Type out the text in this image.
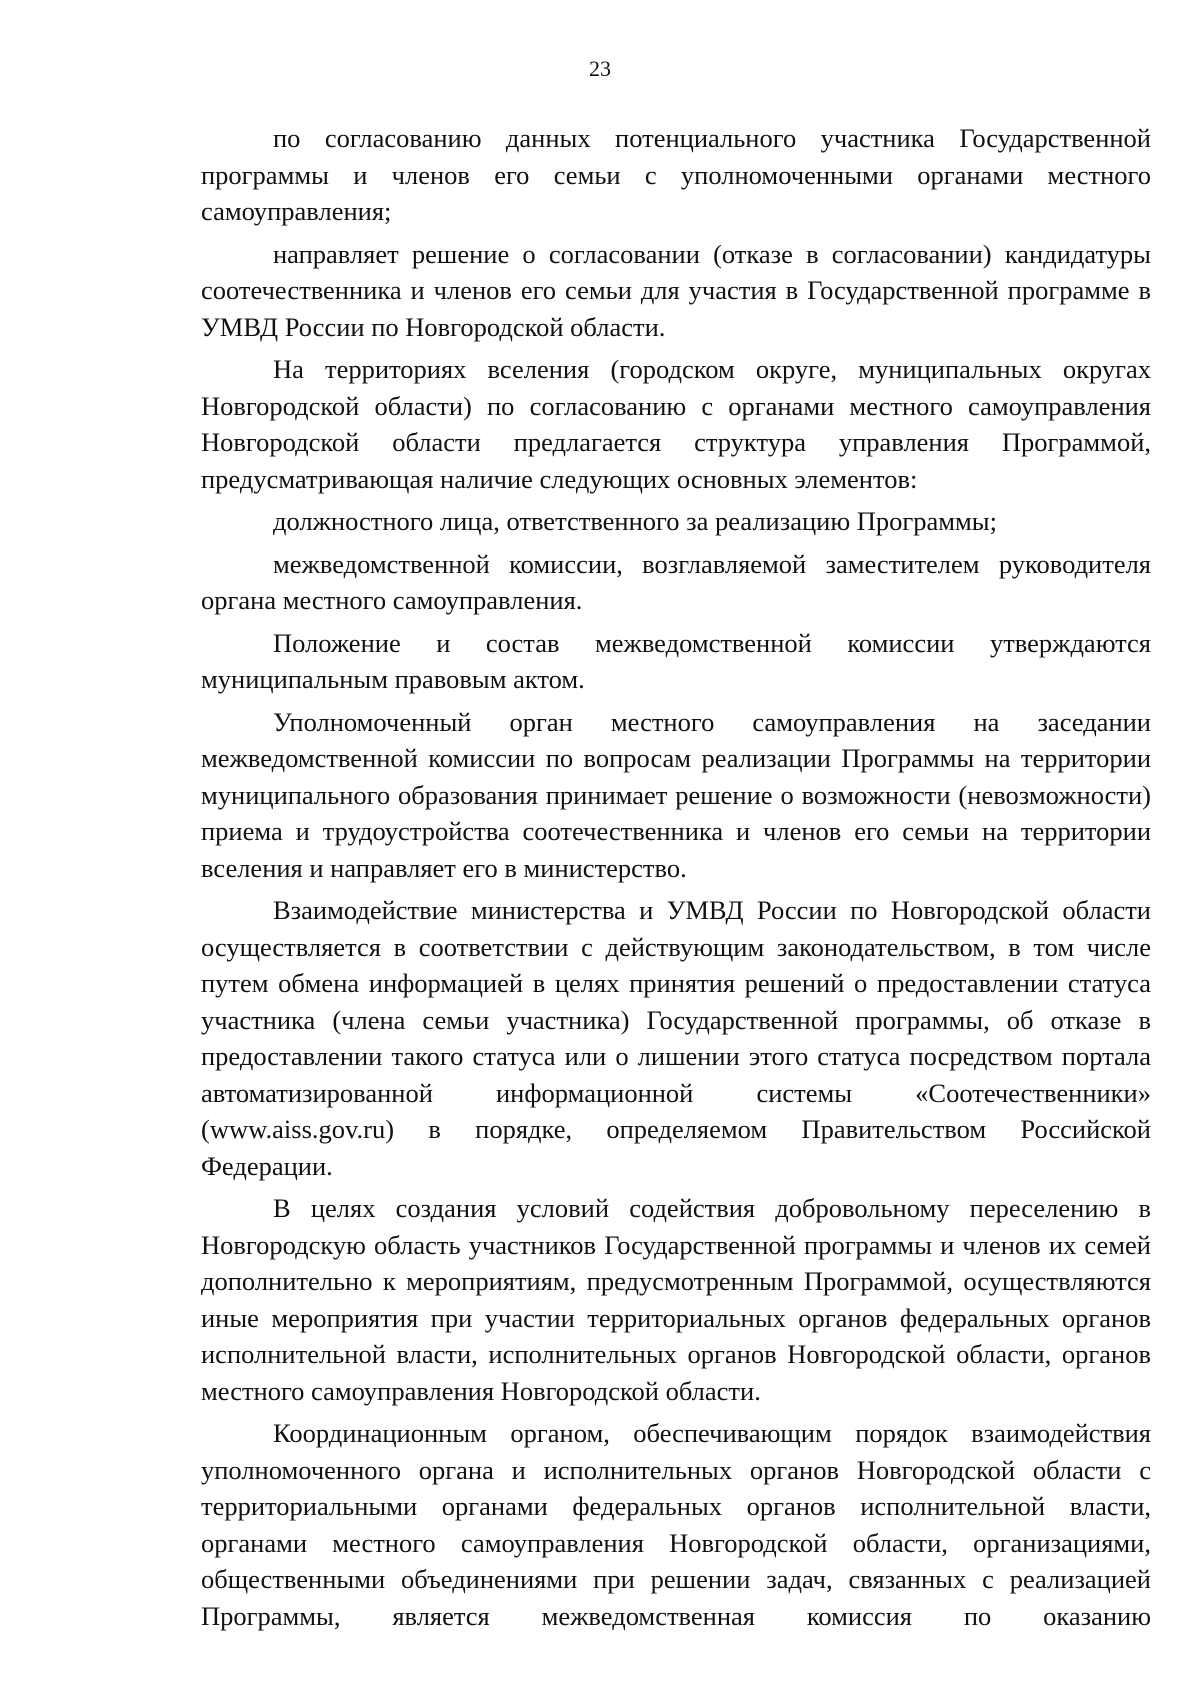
23

по согласованию данных потенциального участника Государственной программы и членов его семьи с уполномоченными органами местного самоуправления;

направляет решение о согласовании (отказе в согласовании) кандидатуры соотечественника и членов его семьи для участия в Государственной программе в УМВД России по Новгородской области.

На территориях вселения (городском округе, муниципальных округах Новгородской области) по согласованию с органами местного самоуправления Новгородской области предлагается структура управления Программой, предусматривающая наличие следующих основных элементов:

должностного лица, ответственного за реализацию Программы;

межведомственной комиссии, возглавляемой заместителем руководителя органа местного самоуправления.

Положение и состав межведомственной комиссии утверждаются муниципальным правовым актом.

Уполномоченный орган местного самоуправления на заседании межведомственной комиссии по вопросам реализации Программы на территории муниципального образования принимает решение о возможности (невозможности) приема и трудоустройства соотечественника и членов его семьи на территории вселения и направляет его в министерство.

Взаимодействие министерства и УМВД России по Новгородской области осуществляется в соответствии с действующим законодательством, в том числе путем обмена информацией в целях принятия решений о предоставлении статуса участника (члена семьи участника) Государственной программы, об отказе в предоставлении такого статуса или о лишении этого статуса посредством портала автоматизированной информационной системы «Соотечественники» (www.aiss.gov.ru) в порядке, определяемом Правительством Российской Федерации.

В целях создания условий содействия добровольному переселению в Новгородскую область участников Государственной программы и членов их семей дополнительно к мероприятиям, предусмотренным Программой, осуществляются иные мероприятия при участии территориальных органов федеральных органов исполнительной власти, исполнительных органов Новгородской области, органов местного самоуправления Новгородской области.

Координационным органом, обеспечивающим порядок взаимодействия уполномоченного органа и исполнительных органов Новгородской области с территориальными органами федеральных органов исполнительной власти, органами местного самоуправления Новгородской области, организациями, общественными объединениями при решении задач, связанных с реализацией Программы, является межведомственная комиссия по оказанию
